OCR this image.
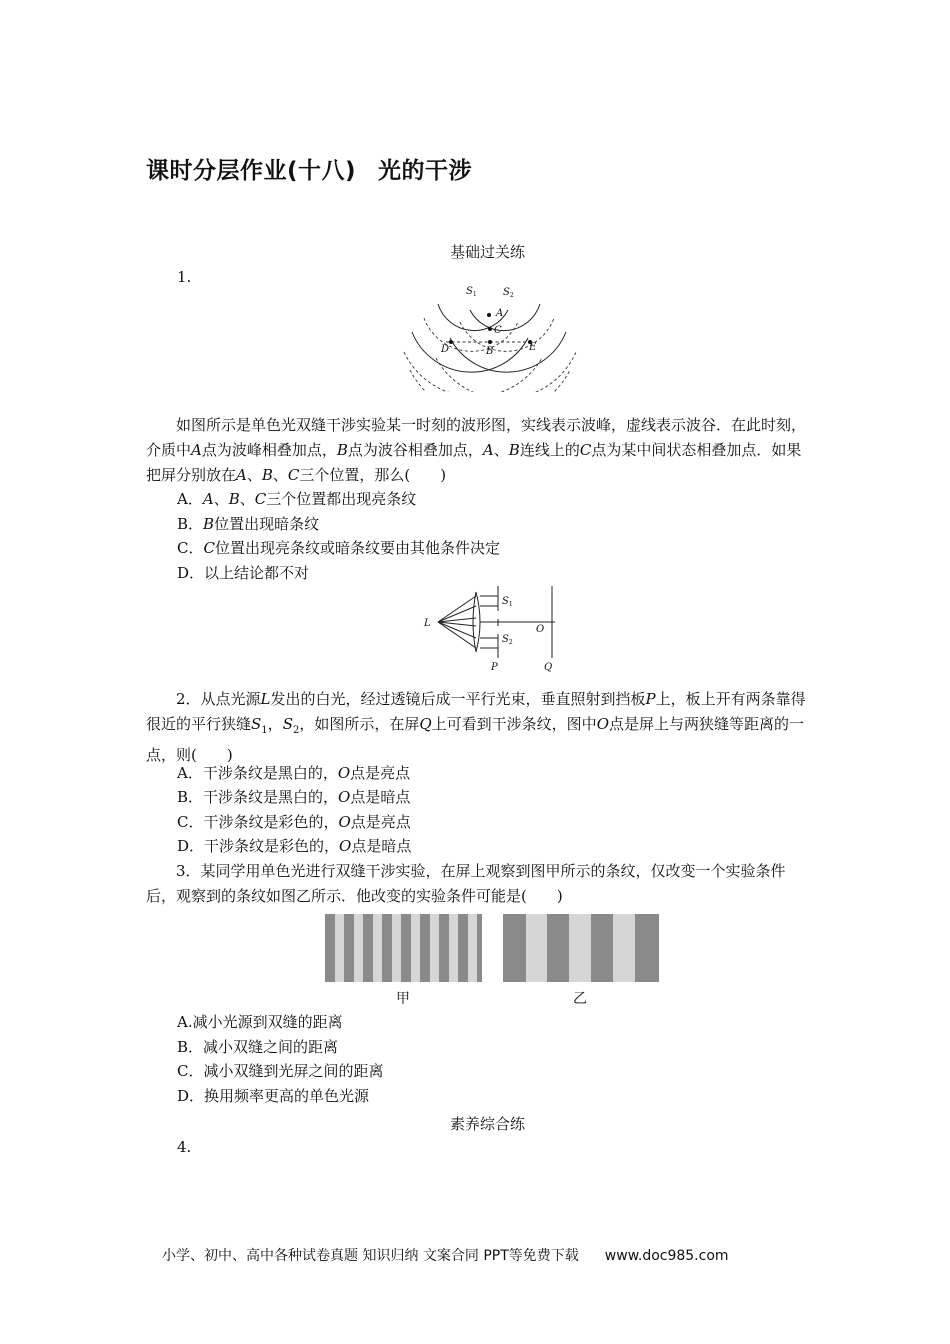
课时分层作业(十八) 光的干涉
基础过关练
1.
$S_1$	$S_2$
A
C
B
D	E
如图所示是单色光双缝干涉实验某一时刻的波形图，实线表示波峰，虚线表示波谷．在此时刻，介质中A点为波峰相叠加点，B点为波谷相叠加点，A、B连线上的C点为某中间状态相叠加点．如果把屏分别放在A、B、C三个位置，那么(　　)
A．A、B、C三个位置都出现亮条纹
B．B位置出现暗条纹
C．C位置出现亮条纹或暗条纹要由其他条件决定
D．以上结论都不对
L
$S_1$
$S_2$
O
P	Q
2．从点光源L发出的白光，经过透镜后成一平行光束，垂直照射到挡板P上，板上开有两条靠得很近的平行狭缝$S_1$，$S_2$，如图所示，在屏Q上可看到干涉条纹，图中O点是屏上与两狭缝等距离的一点，则(　　)
A．干涉条纹是黑白的，O点是亮点
B．干涉条纹是黑白的，O点是暗点
C．干涉条纹是彩色的，O点是亮点
D．干涉条纹是彩色的，O点是暗点
3．某同学用单色光进行双缝干涉实验，在屏上观察到图甲所示的条纹，仅改变一个实验条件后，观察到的条纹如图乙所示．他改变的实验条件可能是(　　)
甲	乙
A.减小光源到双缝的距离
B．减小双缝之间的距离
C．减小双缝到光屏之间的距离
D．换用频率更高的单色光源
素养综合练
4.
小学、初中、高中各种试卷真题 知识归纳 文案合同 PPT等免费下载 www.doc985.com
